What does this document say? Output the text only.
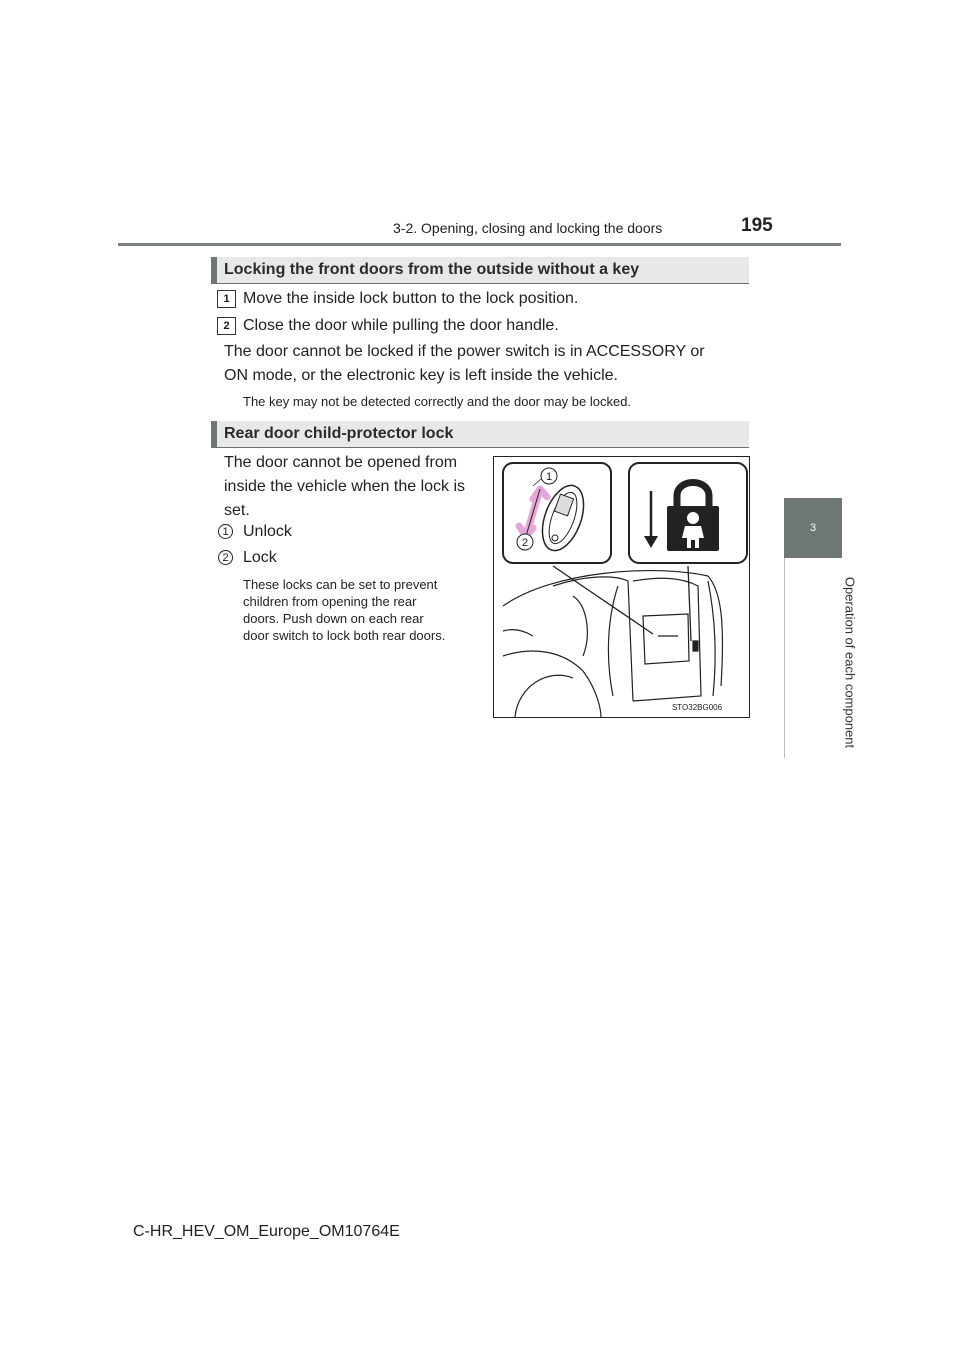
3-2. Opening, closing and locking the doors	195
3
Operation of each component
Locking the front doors from the outside without a key
1 Move the inside lock button to the lock position.
2 Close the door while pulling the door handle.
The door cannot be locked if the power switch is in ACCESSORY or
ON mode, or the electronic key is left inside the vehicle.
The key may not be detected correctly and the door may be locked.
Rear door child-protector lock
The door cannot be opened from
inside the vehicle when the lock is
set.
1 Unlock
2 Lock
These locks can be set to prevent
children from opening the rear
doors. Push down on each rear
door switch to lock both rear doors.
1
2
STO32BG006
C-HR_HEV_OM_Europe_OM10764E
